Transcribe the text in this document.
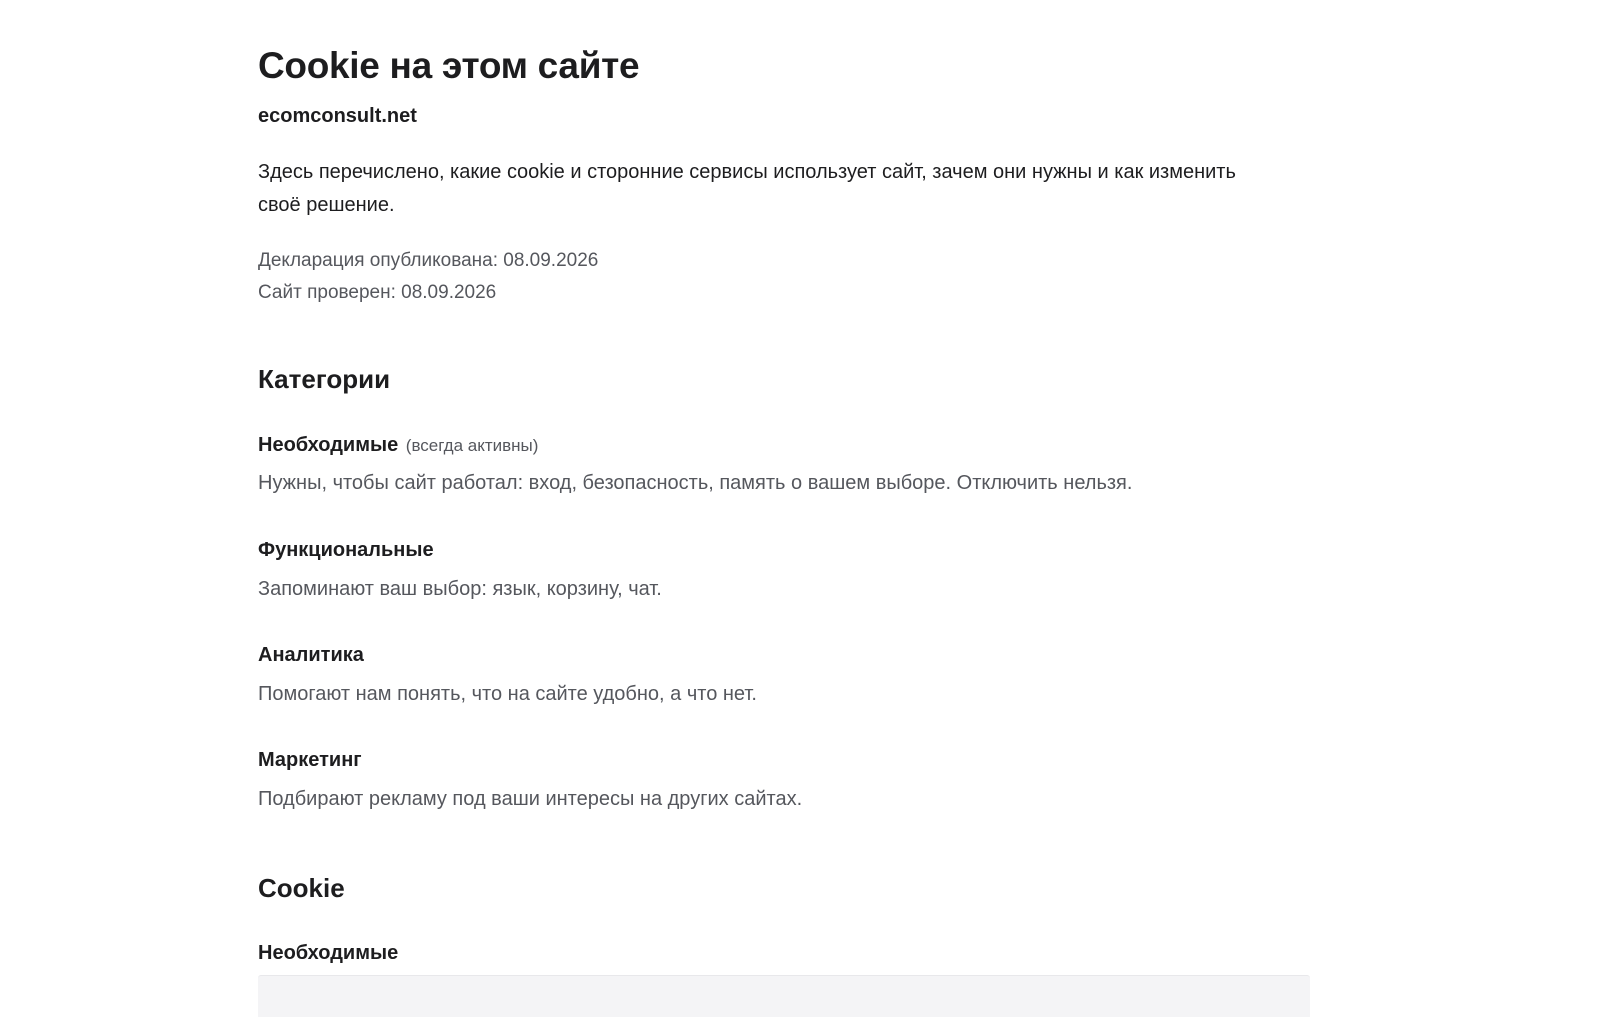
Cookie на этом сайте

ecomconsult.net

Здесь перечислено, какие cookie и сторонние сервисы использует сайт, зачем они нужны и как изменить своё решение.

Декларация опубликована: 08.09.2026

Сайт проверен: 08.09.2026

Категории
Необходимые (всегда активны)

Нужны, чтобы сайт работал: вход, безопасность, память о вашем выборе. Отключить нельзя.

Функциональные

Запоминают ваш выбор: язык, корзину, чат.

Аналитика

Помогают нам понять, что на сайте удобно, а что нет.

Маркетинг

Подбирают рекламу под ваши интересы на других сайтах.

Cookie
Необходимые
